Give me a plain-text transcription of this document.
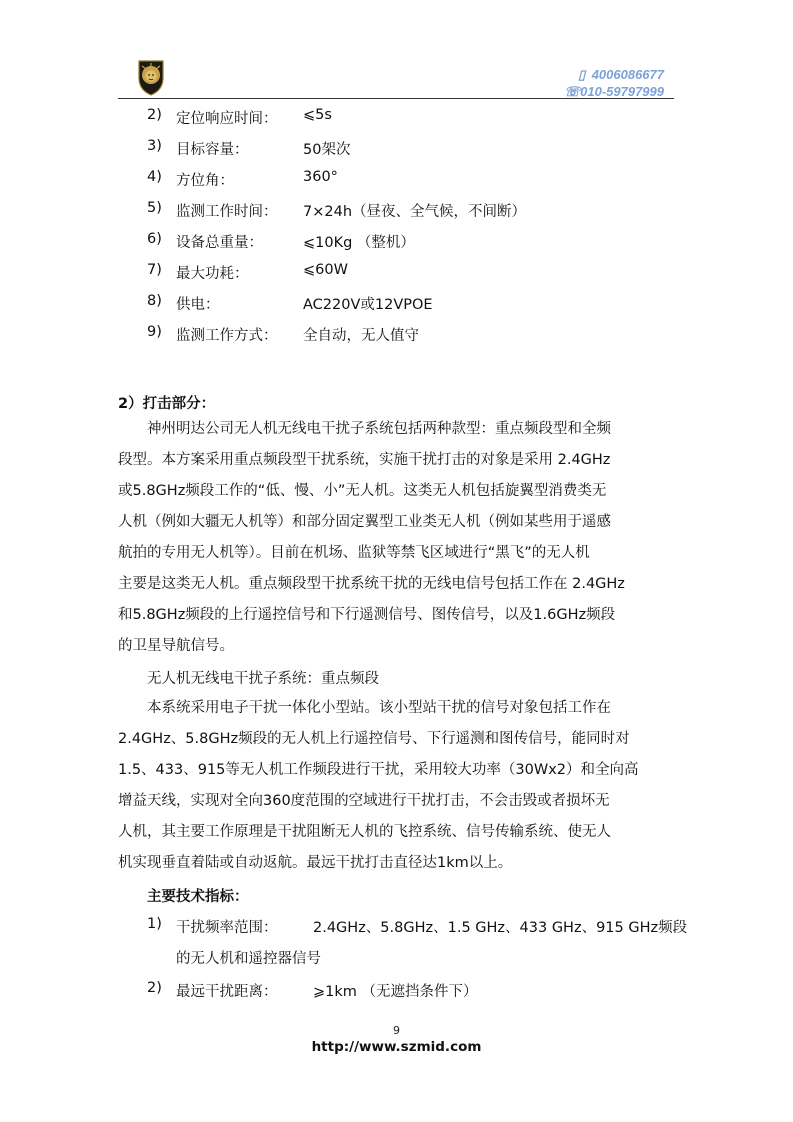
▯ 4006086677
☏010-59797999
2) 定位响应时间： ⩽5s
3) 目标容量：	50架次
4) 方位角：	360°
5) 监测工作时间： 7×24h（昼夜、全气候，不间断）
6) 设备总重量：	⩽10Kg （整机）
7) 最大功耗：	⩽60W
8) 供电：	AC220V或12VPOE
9) 监测工作方式： 全自动，无人值守
2）打击部分：
　　神州明达公司无人机无线电干扰子系统包括两种款型：重点频段型和全频
段型。本方案采用重点频段型干扰系统，实施干扰打击的对象是采用 2.4GHz
或5.8GHz频段工作的“低、慢、小”无人机。这类无人机包括旋翼型消费类无
人机（例如大疆无人机等）和部分固定翼型工业类无人机（例如某些用于遥感
航拍的专用无人机等）。目前在机场、监狱等禁飞区域进行“黑飞”的无人机
主要是这类无人机。重点频段型干扰系统干扰的无线电信号包括工作在 2.4GHz
和5.8GHz频段的上行遥控信号和下行遥测信号、图传信号，以及1.6GHz频段
的卫星导航信号。
无人机无线电干扰子系统：重点频段
　　本系统采用电子干扰一体化小型站。该小型站干扰的信号对象包括工作在
2.4GHz、5.8GHz频段的无人机上行遥控信号、下行遥测和图传信号，能同时对
1.5、433、915等无人机工作频段进行干扰，采用较大功率（30Wx2）和全向高
增益天线，实现对全向360度范围的空域进行干扰打击，不会击毁或者损坏无
人机，其主要工作原理是干扰阻断无人机的飞控系统、信号传输系统、使无人
机实现垂直着陆或自动返航。最远干扰打击直径达1km以上。
主要技术指标：
1) 干扰频率范围： 2.4GHz、5.8GHz、1.5 GHz、433 GHz、915 GHz频段
的无人机和遥控器信号
2) 最远干扰距离： ⩾1km （无遮挡条件下）
9
http://www.szmid.com
